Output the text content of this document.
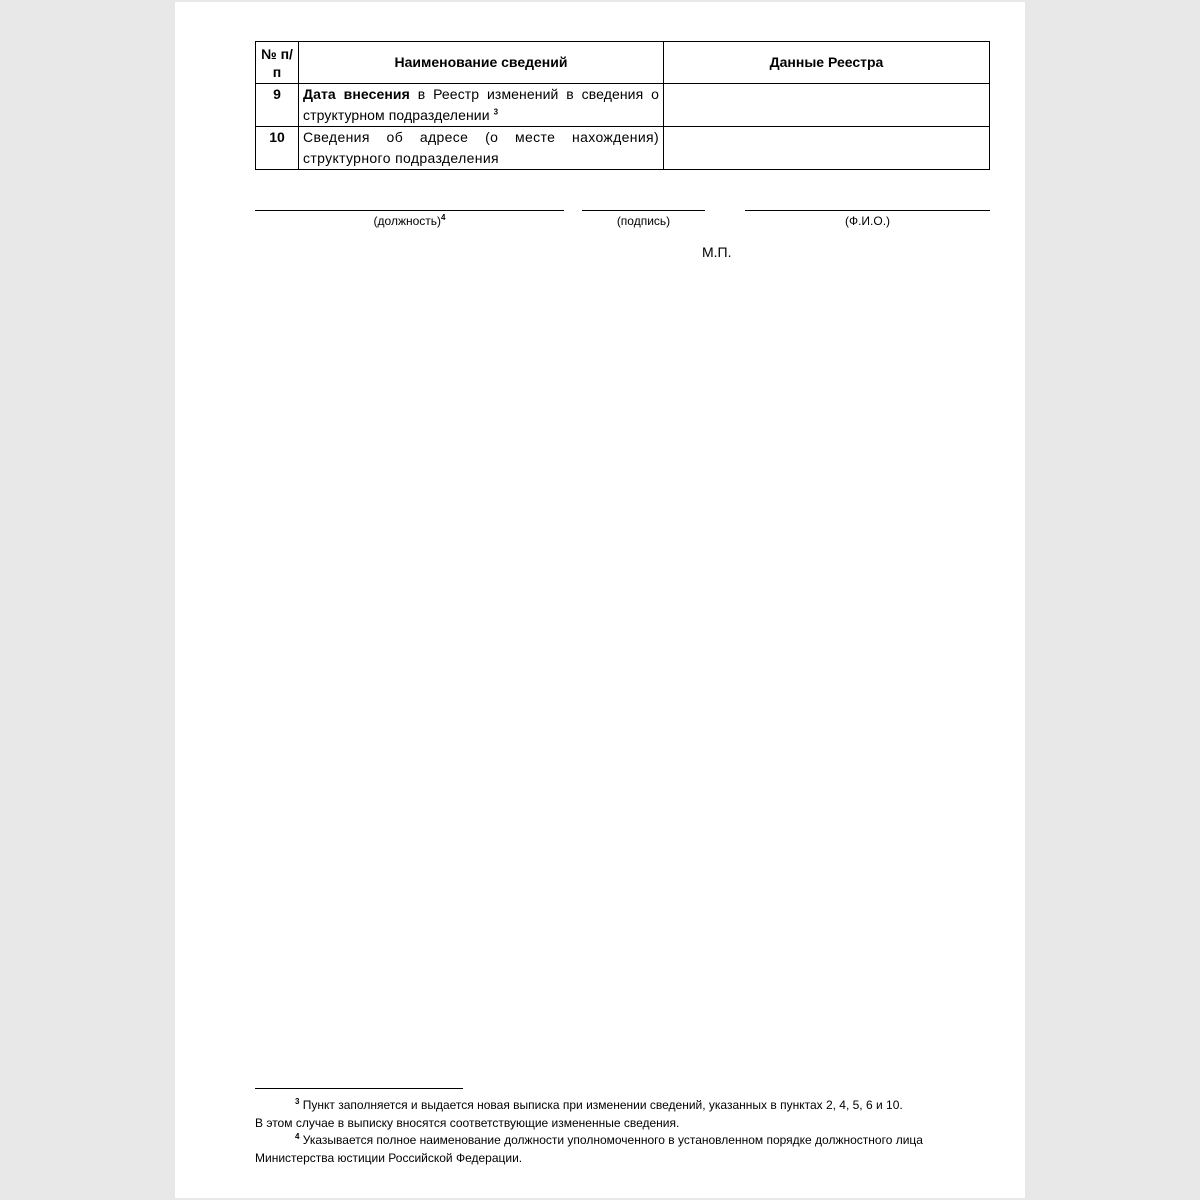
№ п/п	Наименование сведений	Данные Реестра
9	Дата внесения в Реестр изменений в сведения о структурном подразделении $^3$	
10	Сведения об адресе (о месте нахождения) структурного подразделения	
(должность)$^4$	(подпись)	(Ф.И.О.)
М.П.

$^3$ Пункт заполняется и выдается новая выписка при изменении сведений, указанных в пунктах 2, 4, 5, 6 и 10.

В этом случае в выписку вносятся соответствующие измененные сведения.

$^4$ Указывается полное наименование должности уполномоченного в установленном порядке должностного лица

Министерства юстиции Российской Федерации.
